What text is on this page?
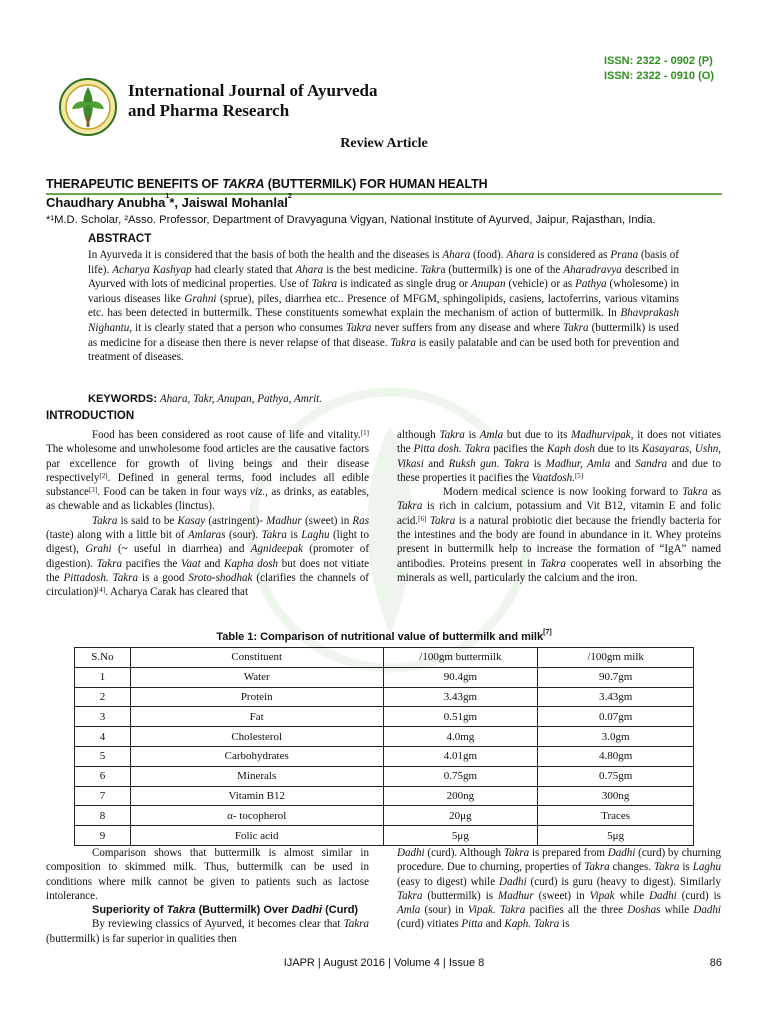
ISSN: 2322 - 0902 (P)
ISSN: 2322 - 0910 (O)
International Journal of Ayurveda
and Pharma Research
Review Article
THERAPEUTIC BENEFITS OF TAKRA (BUTTERMILK) FOR HUMAN HEALTH
Chaudhary Anubha$^1$*, Jaiswal Mohanlal$^2$
*¹M.D. Scholar, ²Asso. Professor, Department of Dravyaguna Vigyan, National Institute of Ayurved, Jaipur, Rajasthan, India.
ABSTRACT
In Ayurveda it is considered that the basis of both the health and the diseases is Ahara (food). Ahara is considered as Prana (basis of life). Acharya Kashyap had clearly stated that Ahara is the best medicine. Takra (buttermilk) is one of the Aharadravya described in Ayurved with lots of medicinal properties. Use of Takra is indicated as single drug or Anupan (vehicle) or as Pathya (wholesome) in various diseases like Grahni (sprue), piles, diarrhea etc.. Presence of MFGM, sphingolipids, casiens, lactoferrins, various vitamins etc. has been detected in buttermilk. These constituents somewhat explain the mechanism of action of buttermilk. In Bhavprakash Nighantu, it is clearly stated that a person who consumes Takra never suffers from any disease and where Takra (buttermilk) is used as medicine for a disease then there is never relapse of that disease. Takra is easily palatable and can be used both for prevention and treatment of diseases.
KEYWORDS: Ahara, Takr, Anupan, Pathya, Amrit.
INTRODUCTION

Food has been considered as root cause of life and vitality.[1] The wholesome and unwholesome food articles are the causative factors par excellence for growth of living beings and their disease respectively[2]. Defined in general terms, food includes all edible substance[3]. Food can be taken in four ways viz., as drinks, as eatables, as chewable and as lickables (linctus).

Takra is said to be Kasay (astringent)- Madhur (sweet) in Ras (taste) along with a little bit of Amlaras (sour). Takra is Laghu (light to digest), Grahi (~ useful in diarrhea) and Agnideepak (promoter of digestion). Takra pacifies the Vaat and Kapha dosh but does not vitiate the Pittadosh. Takra is a good Sroto-shodhak (clarifies the channels of circulation)[4]. Acharya Carak has cleared that

although Takra is Amla but due to its Madhurvipak, it does not vitiates the Pitta dosh. Takra pacifies the Kaph dosh due to its Kasayaras, Ushn, Vikasi and Ruksh gun. Takra is Madhur, Amla and Sandra and due to these properties it pacifies the Vaatdosh.[5]

Modern medical science is now looking forward to Takra as Takra is rich in calcium, potassium and Vit B12, vitamin E and folic acid.[6] Takra is a natural probiotic diet because the friendly bacteria for the intestines and the body are found in abundance in it. Whey proteins present in buttermilk help to increase the formation of “IgA” named antibodies. Proteins present in Takra cooperates well in absorbing the minerals as well, particularly the calcium and the iron.

Table 1: Comparison of nutritional value of buttermilk and milk[7]
S.No	Constituent	/100gm buttermilk	/100gm milk
1	Water	90.4gm	90.7gm
2	Protein	3.43gm	3.43gm
3	Fat	0.51gm	0.07gm
4	Cholesterol	4.0mg	3.0gm
5	Carbohydrates	4.01gm	4.80gm
6	Minerals	0.75gm	0.75gm
7	Vitamin B12	200ng	300ng
8	α- tocopherol	20μg	Traces
9	Folic acid	5μg	5μg

Comparison shows that buttermilk is almost similar in composition to skimmed milk. Thus, buttermilk can be used in conditions where milk cannot be given to patients such as lactose intolerance.

Superiority of Takra (Buttermilk) Over Dadhi (Curd)

By reviewing classics of Ayurved, it becomes clear that Takra (buttermilk) is far superior in qualities then

Dadhi (curd). Although Takra is prepared from Dadhi (curd) by churning procedure. Due to churning, properties of Takra changes. Takra is Laghu (easy to digest) while Dadhi (curd) is guru (heavy to digest). Similarly Takra (buttermilk) is Madhur (sweet) in Vipak while Dadhi (curd) is Amla (sour) in Vipak. Takra pacifies all the three Doshas while Dadhi (curd) vitiates Pitta and Kaph. Takra is

IJAPR | August 2016 | Volume 4 | Issue 8	86
